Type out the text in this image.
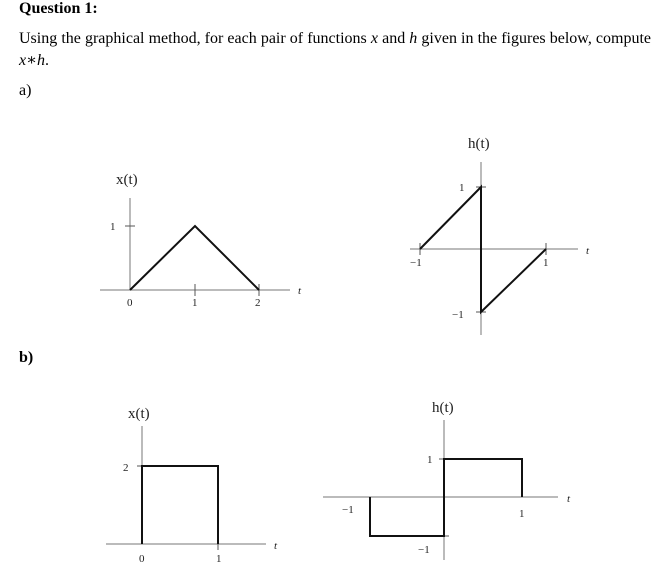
Question 1:
Using the graphical method, for each pair of functions x and h given in the figures below, compute x∗h.
a)
b)
x(t)
1
0	1	2
t
h(t)
1
−1
−1	1
t
x(t)
2
0	1
t
h(t)
1
−1
−1	1
t
